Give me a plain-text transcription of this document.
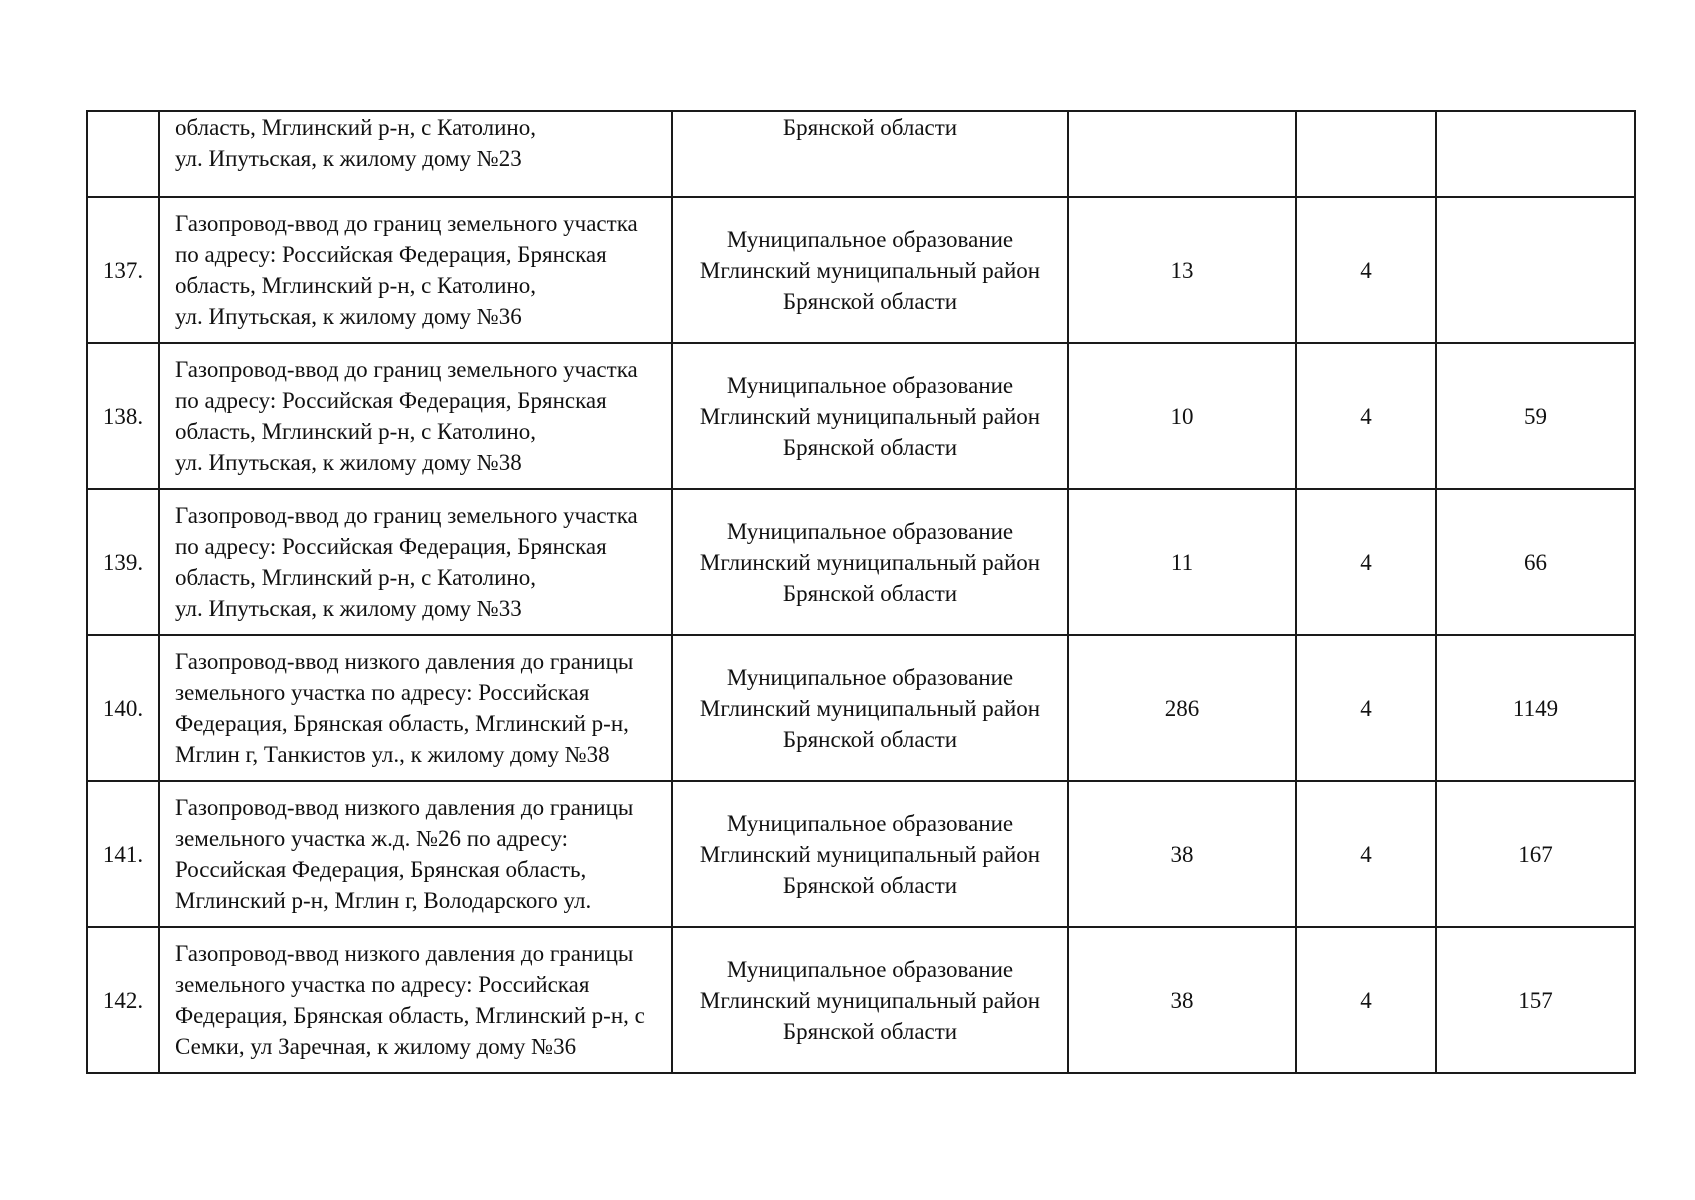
	область, Мглинский р-н, с Католино,
ул. Ипутьская, к жилому дому №23	Брянской области			

137.	Газопровод-ввод до границ земельного участка
по адресу: Российская Федерация, Брянская
область, Мглинский р-н, с Католино,
ул. Ипутьская, к жилому дому №36	Муниципальное образование
Мглинский муниципальный район
Брянской области	13	4	
138.	Газопровод-ввод до границ земельного участка
по адресу: Российская Федерация, Брянская
область, Мглинский р-н, с Католино,
ул. Ипутьская, к жилому дому №38	Муниципальное образование
Мглинский муниципальный район
Брянской области	10	4	59
139.	Газопровод-ввод до границ земельного участка
по адресу: Российская Федерация, Брянская
область, Мглинский р-н, с Католино,
ул. Ипутьская, к жилому дому №33	Муниципальное образование
Мглинский муниципальный район
Брянской области	11	4	66
140.	Газопровод-ввод низкого давления до границы
земельного участка по адресу: Российская
Федерация, Брянская область, Мглинский р-н,
Мглин г, Танкистов ул., к жилому дому №38	Муниципальное образование
Мглинский муниципальный район
Брянской области	286	4	1149
141.	Газопровод-ввод низкого давления до границы
земельного участка ж.д. №26 по адресу:
Российская Федерация, Брянская область,
Мглинский р-н, Мглин г, Володарского ул.	Муниципальное образование
Мглинский муниципальный район
Брянской области	38	4	167
142.	Газопровод-ввод низкого давления до границы
земельного участка по адресу: Российская
Федерация, Брянская область, Мглинский р-н, с
Семки, ул Заречная, к жилому дому №36	Муниципальное образование
Мглинский муниципальный район
Брянской области	38	4	157
